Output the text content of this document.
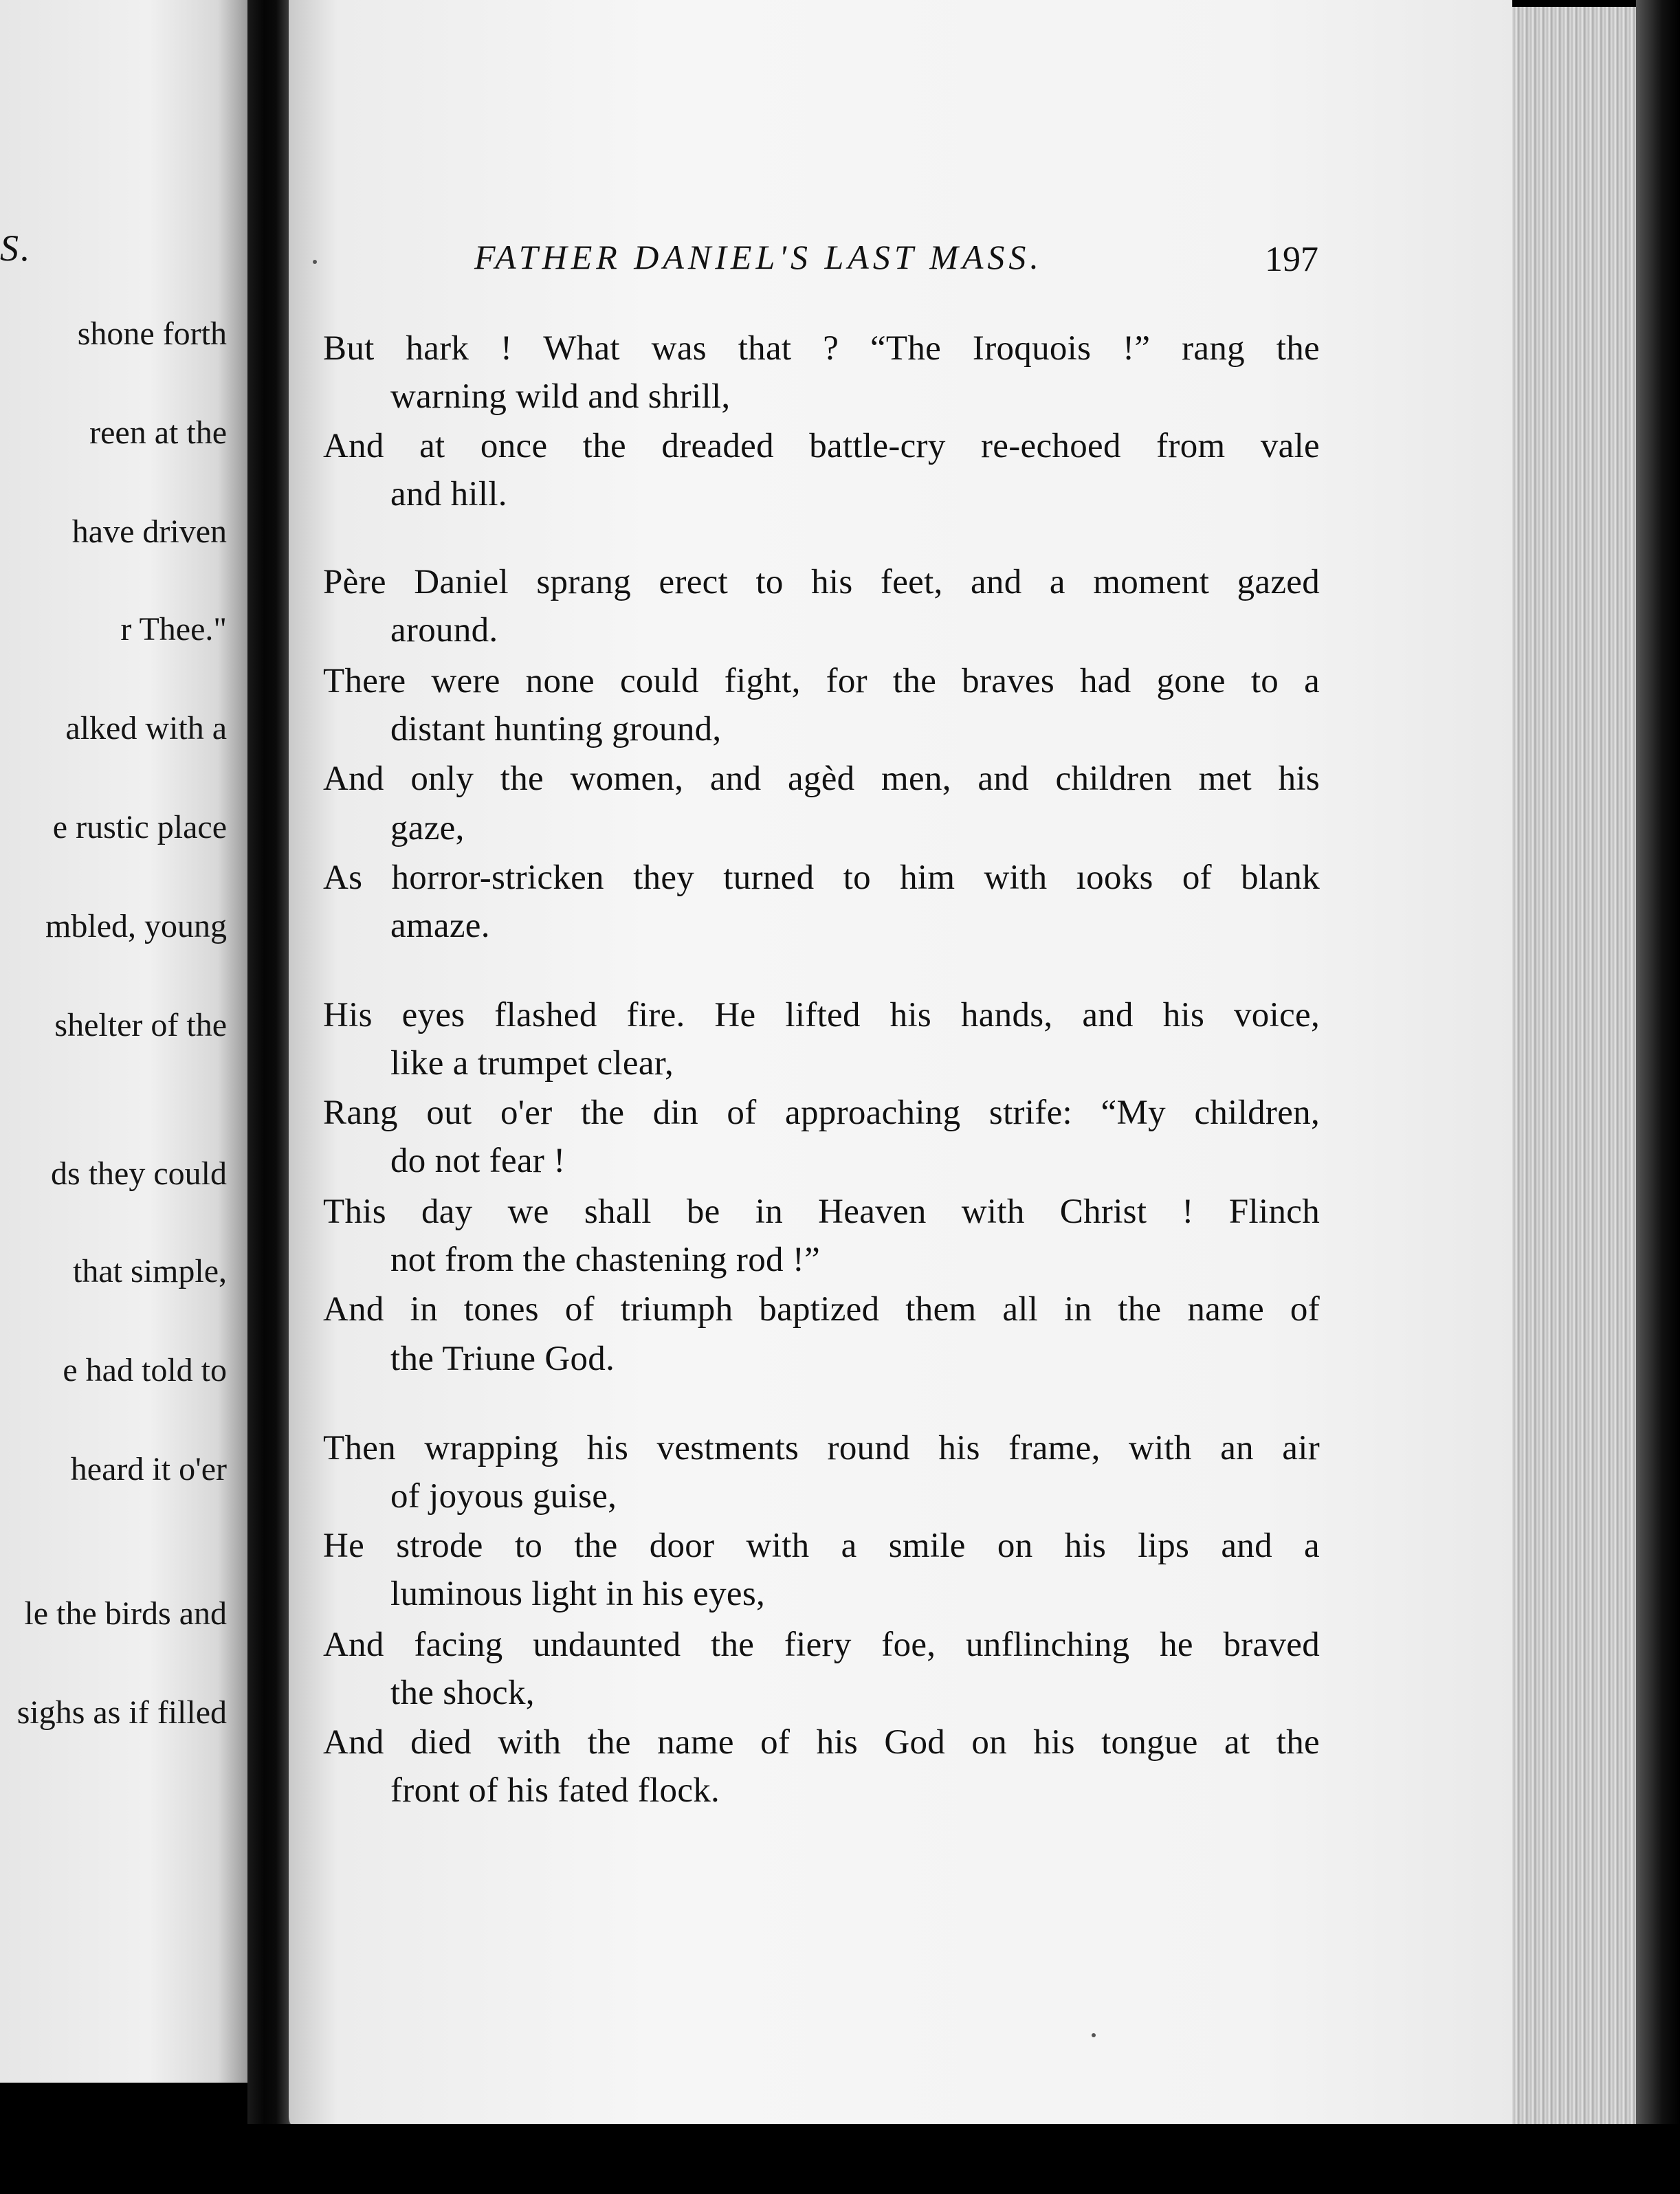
S.
shone forth
reen at the
have driven
r Thee."
alked with a
e rustic place
mbled, young
shelter of the
ds they could
that simple,
e had told to
heard it o'er
le the birds and
sighs as if filled
FATHER DANIEL'S LAST MASS.	197
But hark ! What was that ? “The Iroquois !” rang the
warning wild and shrill,
And at once the dreaded battle-cry re-echoed from vale
and hill.
Père Daniel sprang erect to his feet, and a moment gazed
around.
There were none could fight, for the braves had gone to a
distant hunting ground,
And only the women, and agèd men, and children met his
gaze,
As horror-stricken they turned to him with ıooks of blank
amaze.
His eyes flashed fire. He lifted his hands, and his voice,
like a trumpet clear,
Rang out o'er the din of approaching strife: “My children,
do not fear !
This day we shall be in Heaven with Christ ! Flinch
not from the chastening rod !”
And in tones of triumph baptized them all in the name of
the Triune God.
Then wrapping his vestments round his frame, with an air
of joyous guise,
He strode to the door with a smile on his lips and a
luminous light in his eyes,
And facing undaunted the fiery foe, unflinching he braved
the shock,
And died with the name of his God on his tongue at the
front of his fated flock.
